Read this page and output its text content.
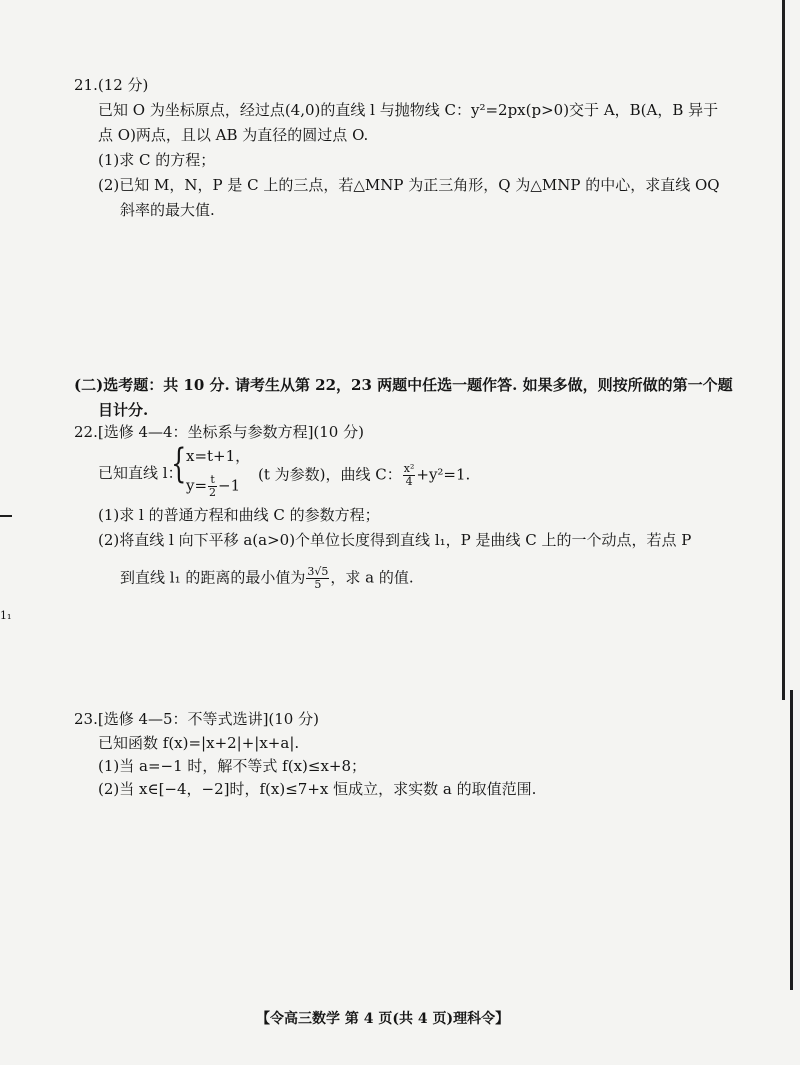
21.(12 分)
已知 O 为坐标原点，经过点(4,0)的直线 l 与抛物线 C：y²=2px(p>0)交于 A，B(A，B 异于
点 O)两点，且以 AB 为直径的圆过点 O.
(1)求 C 的方程；
(2)已知 M，N，P 是 C 上的三点，若△MNP 为正三角形，Q 为△MNP 的中心，求直线 OQ
斜率的最大值.
(二)选考题：共 10 分. 请考生从第 22，23 两题中任选一题作答. 如果多做，则按所做的第一个题
目计分.
22.[选修 4—4：坐标系与参数方程](10 分)
已知直线 l：
{ x=t+1，
$y= \frac{t}{2} -1$
(t 为参数)，曲线 C： $\frac{\text{x²}}{4} +y^2=1$.
(1)求 l 的普通方程和曲线 C 的参数方程；
(2)将直线 l 向下平移 a(a>0)个单位长度得到直线 l₁，P 是曲线 C 上的一个动点，若点 P
到直线 l₁ 的距离的最小值为 $\frac{3√5}{5}$ ，求 a 的值.
23.[选修 4—5：不等式选讲](10 分)
已知函数 f(x)=|x+2|+|x+a|.
(1)当 a=−1 时，解不等式 f(x)≤x+8；
(2)当 x∈[−4，−2]时，f(x)≤7+x 恒成立，求实数 a 的取值范围.
【令高三数学 第 4 页(共 4 页)理科令】
1₁
